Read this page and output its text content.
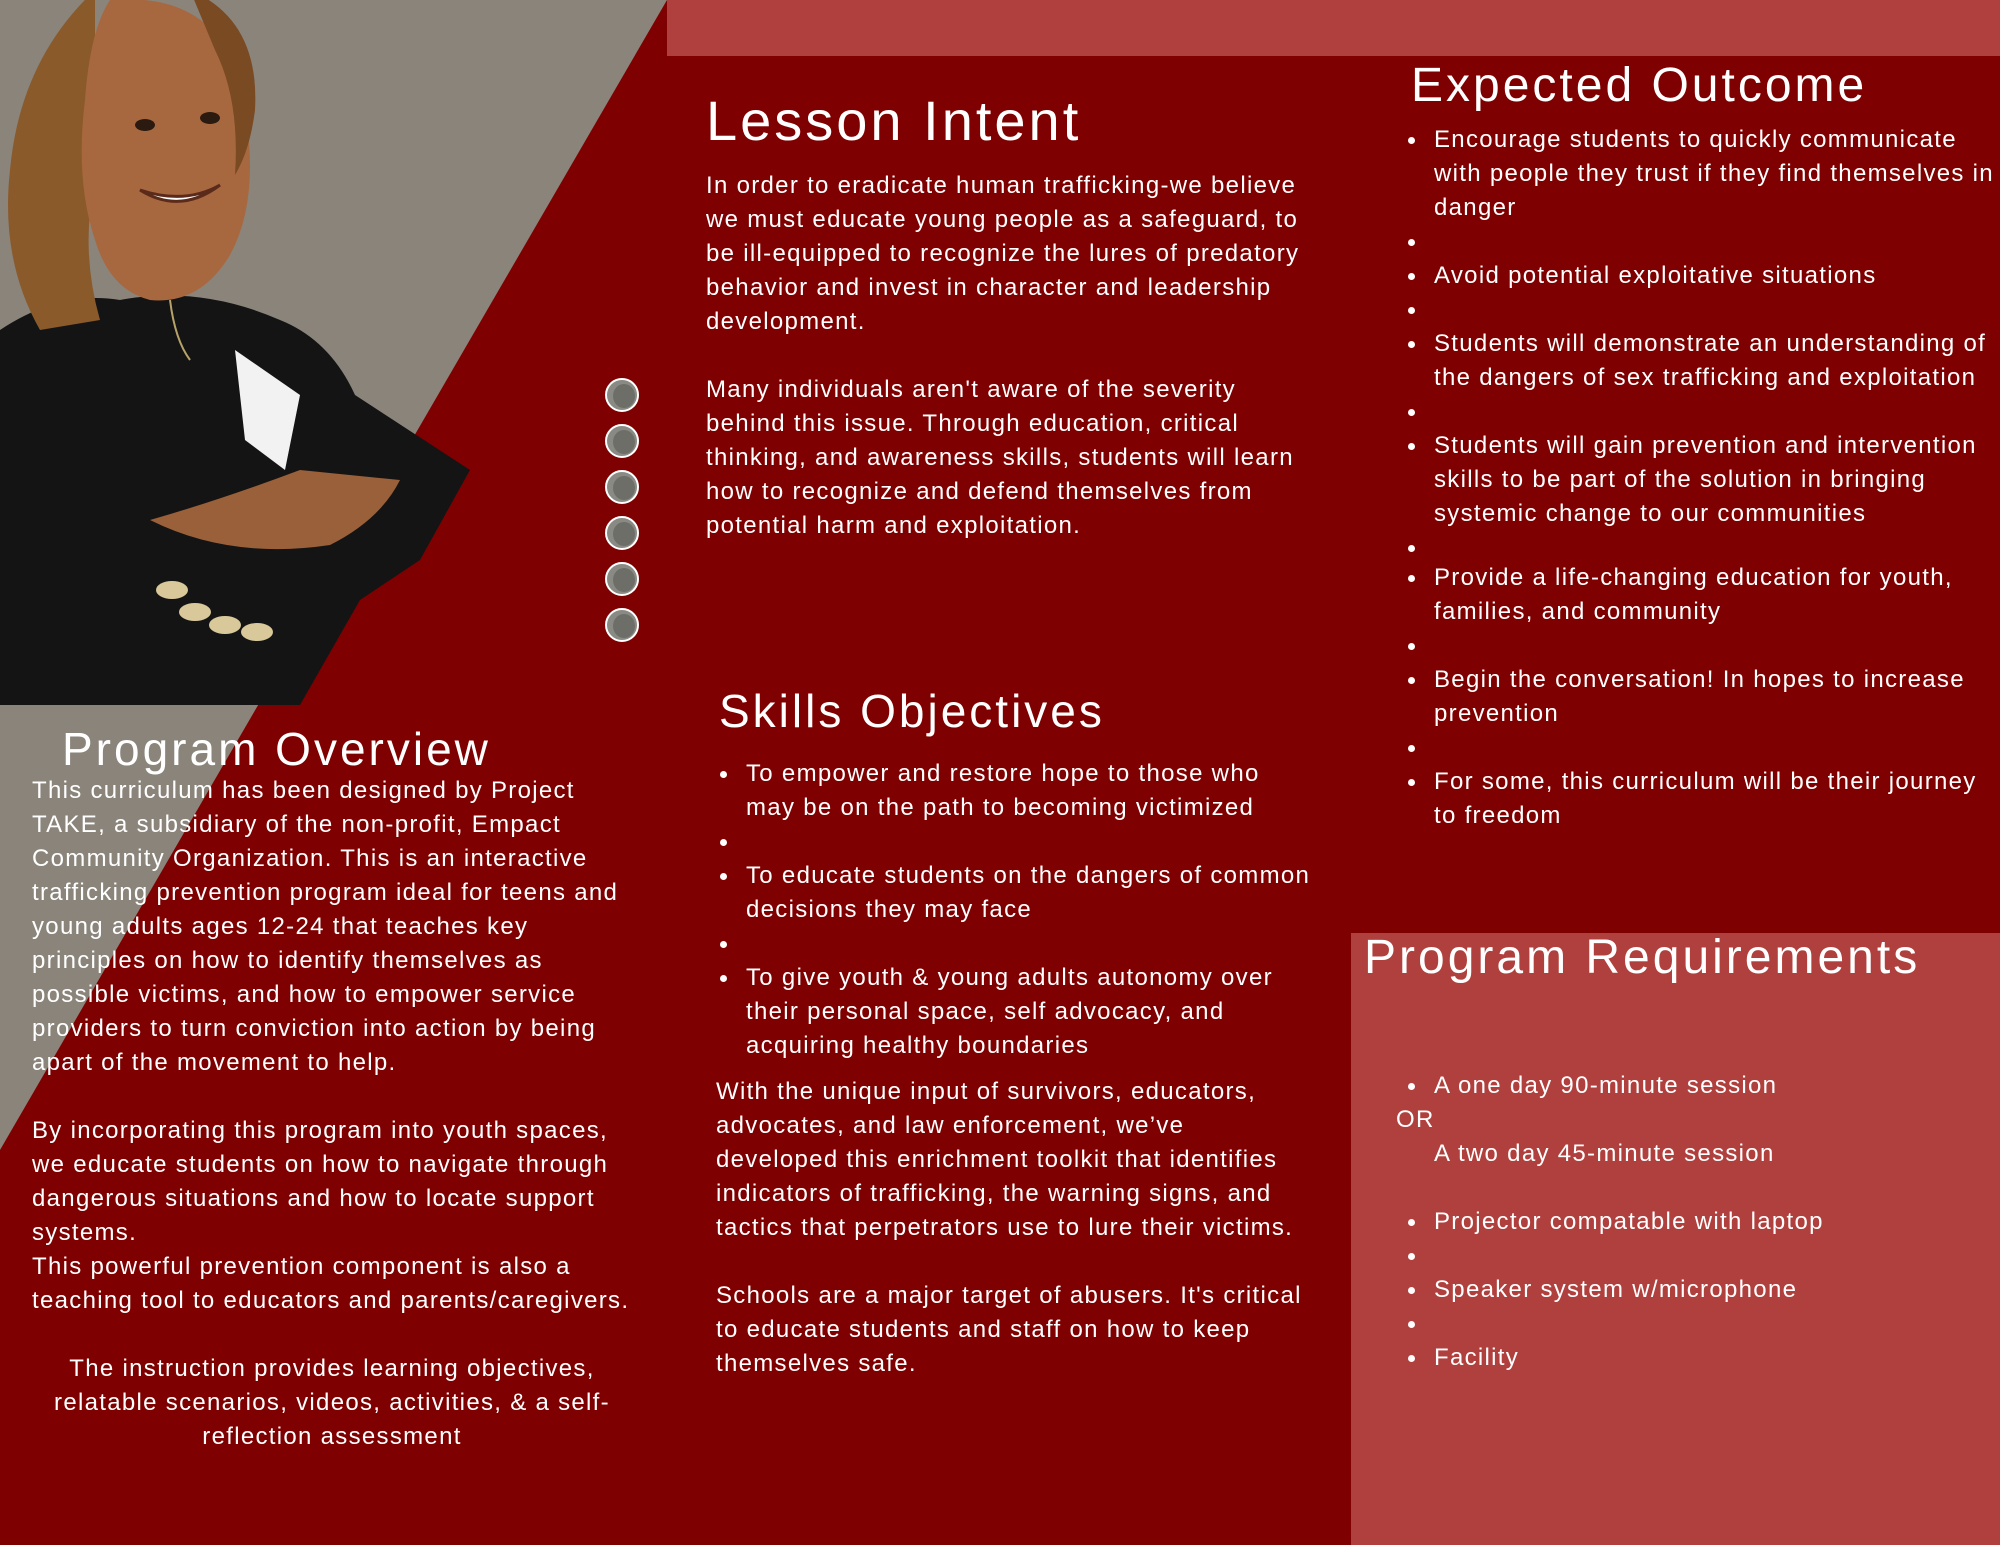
Lesson Intent

In order to eradicate human trafficking-we believe we must educate young people as a safeguard, to be ill-equipped to recognize the lures of predatory behavior and invest in character and leadership development.

Many individuals aren't aware of the severity behind this issue. Through education, critical thinking, and awareness skills, students will learn how to recognize and defend themselves from potential harm and exploitation.

Expected Outcome
Encourage students to quickly communicate with people they trust if they find themselves in danger
Avoid potential exploitative situations
Students will demonstrate an understanding of the dangers of sex trafficking and exploitation
Students will gain prevention and intervention skills to be part of the solution in bringing systemic change to our communities
Provide a life-changing education for youth, families, and community
Begin the conversation! In hopes to increase prevention
For some, this curriculum will be their journey to freedom
Program Overview

This curriculum has been designed by Project TAKE, a subsidiary of the non-profit, Empact Community Organization. This is an interactive trafficking prevention program ideal for teens and young adults ages 12-24 that teaches key principles on how to identify themselves as possible victims, and how to empower service providers to turn conviction into action by being apart of the movement to help.

By incorporating this program into youth spaces, we educate students on how to navigate through dangerous situations and how to locate support systems.

This powerful prevention component is also a teaching tool to educators and parents/caregivers.

The instruction provides learning objectives, relatable scenarios, videos, activities, & a self-reflection assessment

Skills Objectives
To empower and restore hope to those who may be on the path to becoming victimized
To educate students on the dangers of common decisions they may face
To give youth & young adults autonomy over their personal space, self advocacy, and acquiring healthy boundaries

With the unique input of survivors, educators, advocates, and law enforcement, we’ve developed this enrichment toolkit that identifies indicators of trafficking, the warning signs, and tactics that perpetrators use to lure their victims.

Schools are a major target of abusers. It's critical to educate students and staff on how to keep themselves safe.

Program Requirements
A one day 90-minute session

OR

A two day 45-minute session

Projector compatable with laptop
Speaker system w/microphone
Facility
